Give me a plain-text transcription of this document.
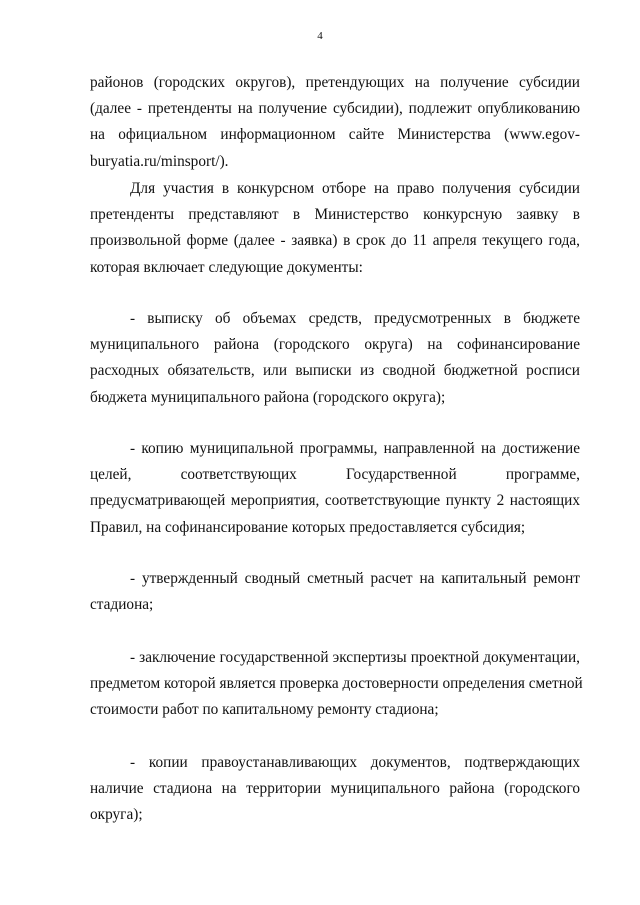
4
районов (городских округов), претендующих на получение субсидии
(далее - претенденты на получение субсидии), подлежит опубликованию
на официальном информационном сайте Министерства (www.egov-
buryatia.ru/minsport/).
Для участия в конкурсном отборе на право получения субсидии
претенденты представляют в Министерство конкурсную заявку в
произвольной форме (далее - заявка) в срок до 11 апреля текущего года,
которая включает следующие документы:
- выписку об объемах средств, предусмотренных в бюджете
муниципального района (городского округа) на софинансирование
расходных обязательств, или выписки из сводной бюджетной росписи
бюджета муниципального района (городского округа);
- копию муниципальной программы, направленной на достижение
целей, соответствующих Государственной программе,
предусматривающей мероприятия, соответствующие пункту 2 настоящих
Правил, на софинансирование которых предоставляется субсидия;
- утвержденный сводный сметный расчет на капитальный ремонт
стадиона;
- заключение государственной экспертизы проектной документации,
предметом которой является проверка достоверности определения сметной
стоимости работ по капитальному ремонту стадиона;
- копии правоустанавливающих документов, подтверждающих
наличие стадиона на территории муниципального района (городского
округа);
